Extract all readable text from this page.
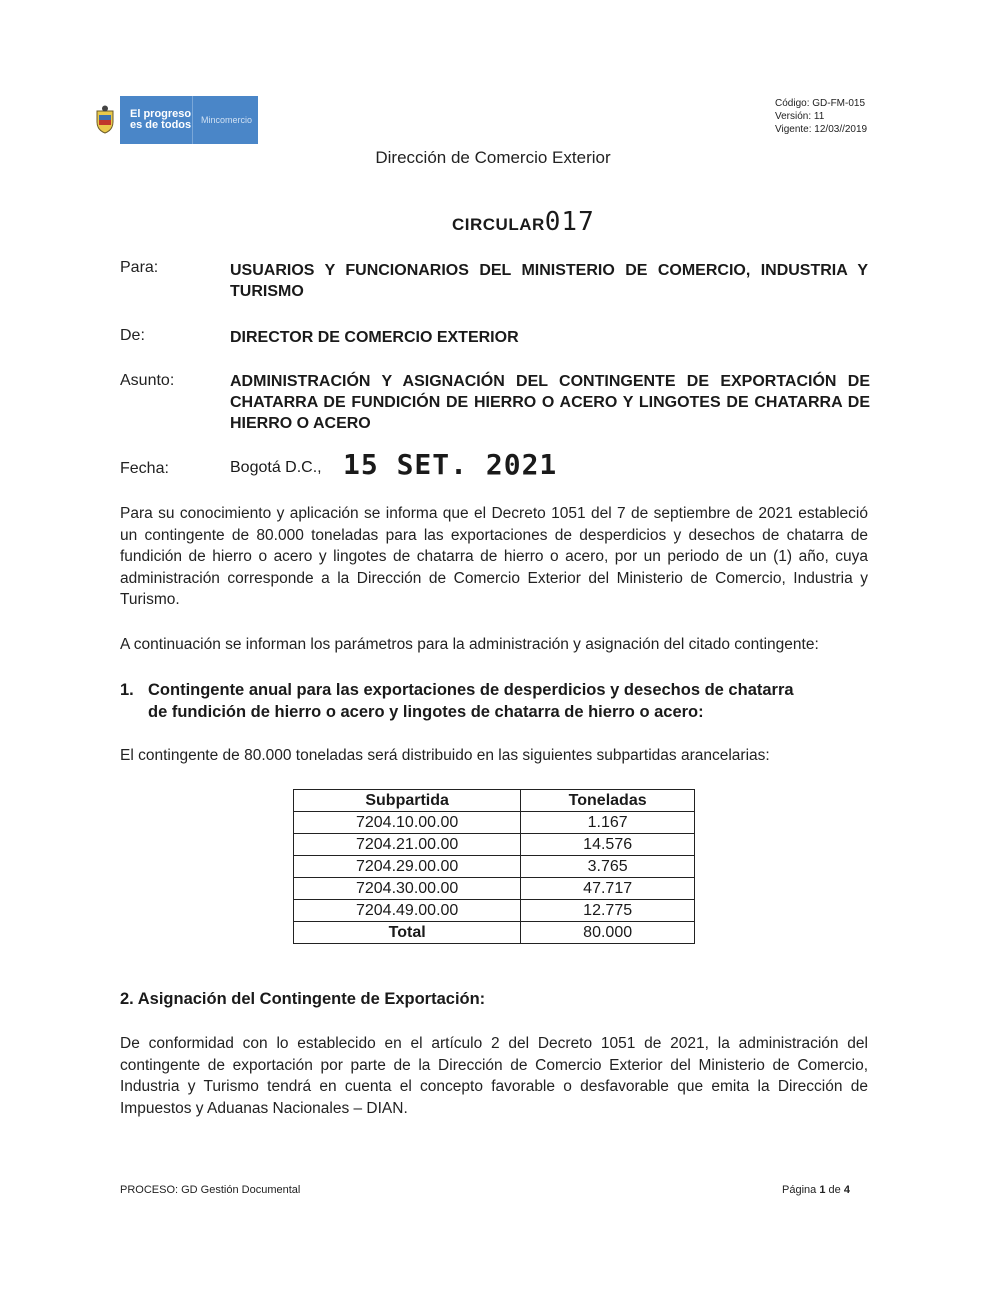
El progreso
es de todos	Mincomercio
Código: GD-FM-015
Versión: 11
Vigente: 12/03//2019
Dirección de Comercio Exterior
CIRCULAR 017
Para:	USUARIOS Y FUNCIONARIOS DEL MINISTERIO DE COMERCIO, INDUSTRIA Y TURISMO
De:	DIRECTOR DE COMERCIO EXTERIOR
Asunto:	ADMINISTRACIÓN Y ASIGNACIÓN DEL CONTINGENTE DE EXPORTACIÓN DE CHATARRA DE FUNDICIÓN DE HIERRO O ACERO Y LINGOTES DE CHATARRA DE HIERRO O ACERO
Fecha:	Bogotá D.C., 15 SET. 2021
Para su conocimiento y aplicación se informa que el Decreto 1051 del 7 de septiembre de 2021 estableció un contingente de 80.000 toneladas para las exportaciones de desperdicios y desechos de chatarra de fundición de hierro o acero y lingotes de chatarra de hierro o acero, por un periodo de un (1) año, cuya administración corresponde a la Dirección de Comercio Exterior del Ministerio de Comercio, Industria y Turismo.
A continuación se informan los parámetros para la administración y asignación del citado contingente:
1. Contingente anual para las exportaciones de desperdicios y desechos de chatarra
de fundición de hierro o acero y lingotes de chatarra de hierro o acero:
El contingente de 80.000 toneladas será distribuido en las siguientes subpartidas arancelarias:
Subpartida	Toneladas
7204.10.00.00	1.167
7204.21.00.00	14.576
7204.29.00.00	3.765
7204.30.00.00	47.717
7204.49.00.00	12.775
Total	80.000
2. Asignación del Contingente de Exportación:
De conformidad con lo establecido en el artículo 2 del Decreto 1051 de 2021, la administración del contingente de exportación por parte de la Dirección de Comercio Exterior del Ministerio de Comercio, Industria y Turismo tendrá en cuenta el concepto favorable o desfavorable que emita la Dirección de Impuestos y Aduanas Nacionales – DIAN.
PROCESO: GD Gestión Documental	Página 1 de 4
